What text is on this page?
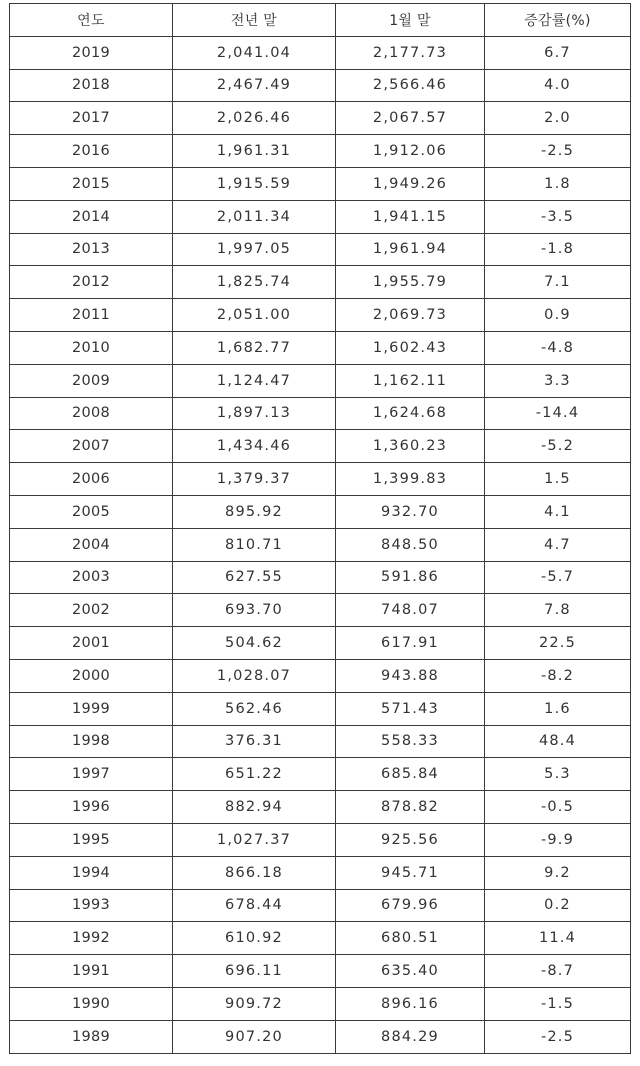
연도	전년 말	1월 말	증감률(%)
2019	2,041.04	2,177.73	6.7
2018	2,467.49	2,566.46	4.0
2017	2,026.46	2,067.57	2.0
2016	1,961.31	1,912.06	-2.5
2015	1,915.59	1,949.26	1.8
2014	2,011.34	1,941.15	-3.5
2013	1,997.05	1,961.94	-1.8
2012	1,825.74	1,955.79	7.1
2011	2,051.00	2,069.73	0.9
2010	1,682.77	1,602.43	-4.8
2009	1,124.47	1,162.11	3.3
2008	1,897.13	1,624.68	-14.4
2007	1,434.46	1,360.23	-5.2
2006	1,379.37	1,399.83	1.5
2005	895.92	932.70	4.1
2004	810.71	848.50	4.7
2003	627.55	591.86	-5.7
2002	693.70	748.07	7.8
2001	504.62	617.91	22.5
2000	1,028.07	943.88	-8.2
1999	562.46	571.43	1.6
1998	376.31	558.33	48.4
1997	651.22	685.84	5.3
1996	882.94	878.82	-0.5
1995	1,027.37	925.56	-9.9
1994	866.18	945.71	9.2
1993	678.44	679.96	0.2
1992	610.92	680.51	11.4
1991	696.11	635.40	-8.7
1990	909.72	896.16	-1.5
1989	907.20	884.29	-2.5
